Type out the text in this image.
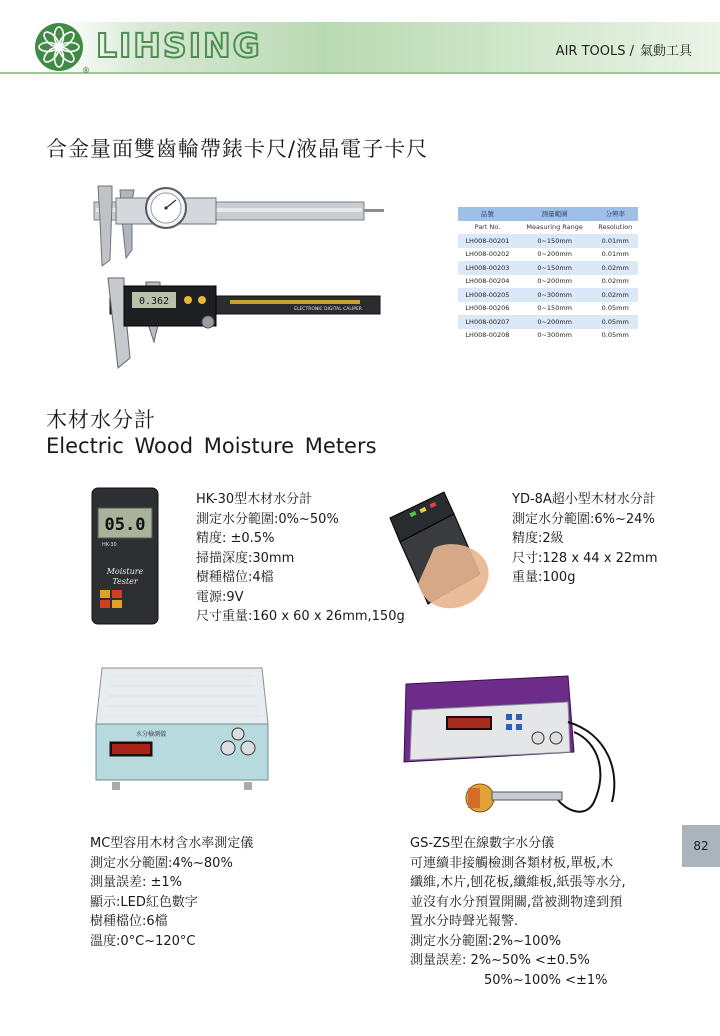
®
LIHSING	AIR TOOLS / 氣動工具
合金量面雙齒輪帶錶卡尺/液晶電子卡尺
0.362
ELECTRONIC DIGITAL CALIPER
品號	測量範圍	分辨率
Part No.	Measuring Range	Resolution
LH008-00201	0~150mm	0.01mm
LH008-00202	0~200mm	0.01mm
LH008-00203	0~150mm	0.02mm
LH008-00204	0~200mm	0.02mm
LH008-00205	0~300mm	0.02mm
LH008-00206	0~150mm	0.05mm
LH008-00207	0~200mm	0.05mm
LH008-00208	0~300mm	0.05mm
木材水分計
Electric Wood Moisture Meters
05.0
HK-30
Moisture
Tester
HK-30型木材水分計
測定水分範圍:0%~50%
精度: ±0.5%
掃描深度:30mm
樹種檔位:4檔
電源:9V
尺寸重量:160 x 60 x 26mm,150g
YD-8A超小型木材水分計
測定水分範圍:6%~24%
精度:2級
尺寸:128 x 44 x 22mm
重量:100g
水分檢測儀
MC型容用木材含水率測定儀
測定水分範圍:4%~80%
測量誤差: ±1%
顯示:LED紅色數字
樹種檔位:6檔
溫度:0°C~120°C
GS-ZS型在線數字水分儀
可連續非接觸檢測各類材板,單板,木
纖維,木片,刨花板,纖維板,紙張等水分,
並沒有水分預置開關,當被測物達到預
置水分時聲光報警.
測定水分範圍:2%~100%
測量誤差: 2%~50% <±0.5%
50%~100% <±1%
82
